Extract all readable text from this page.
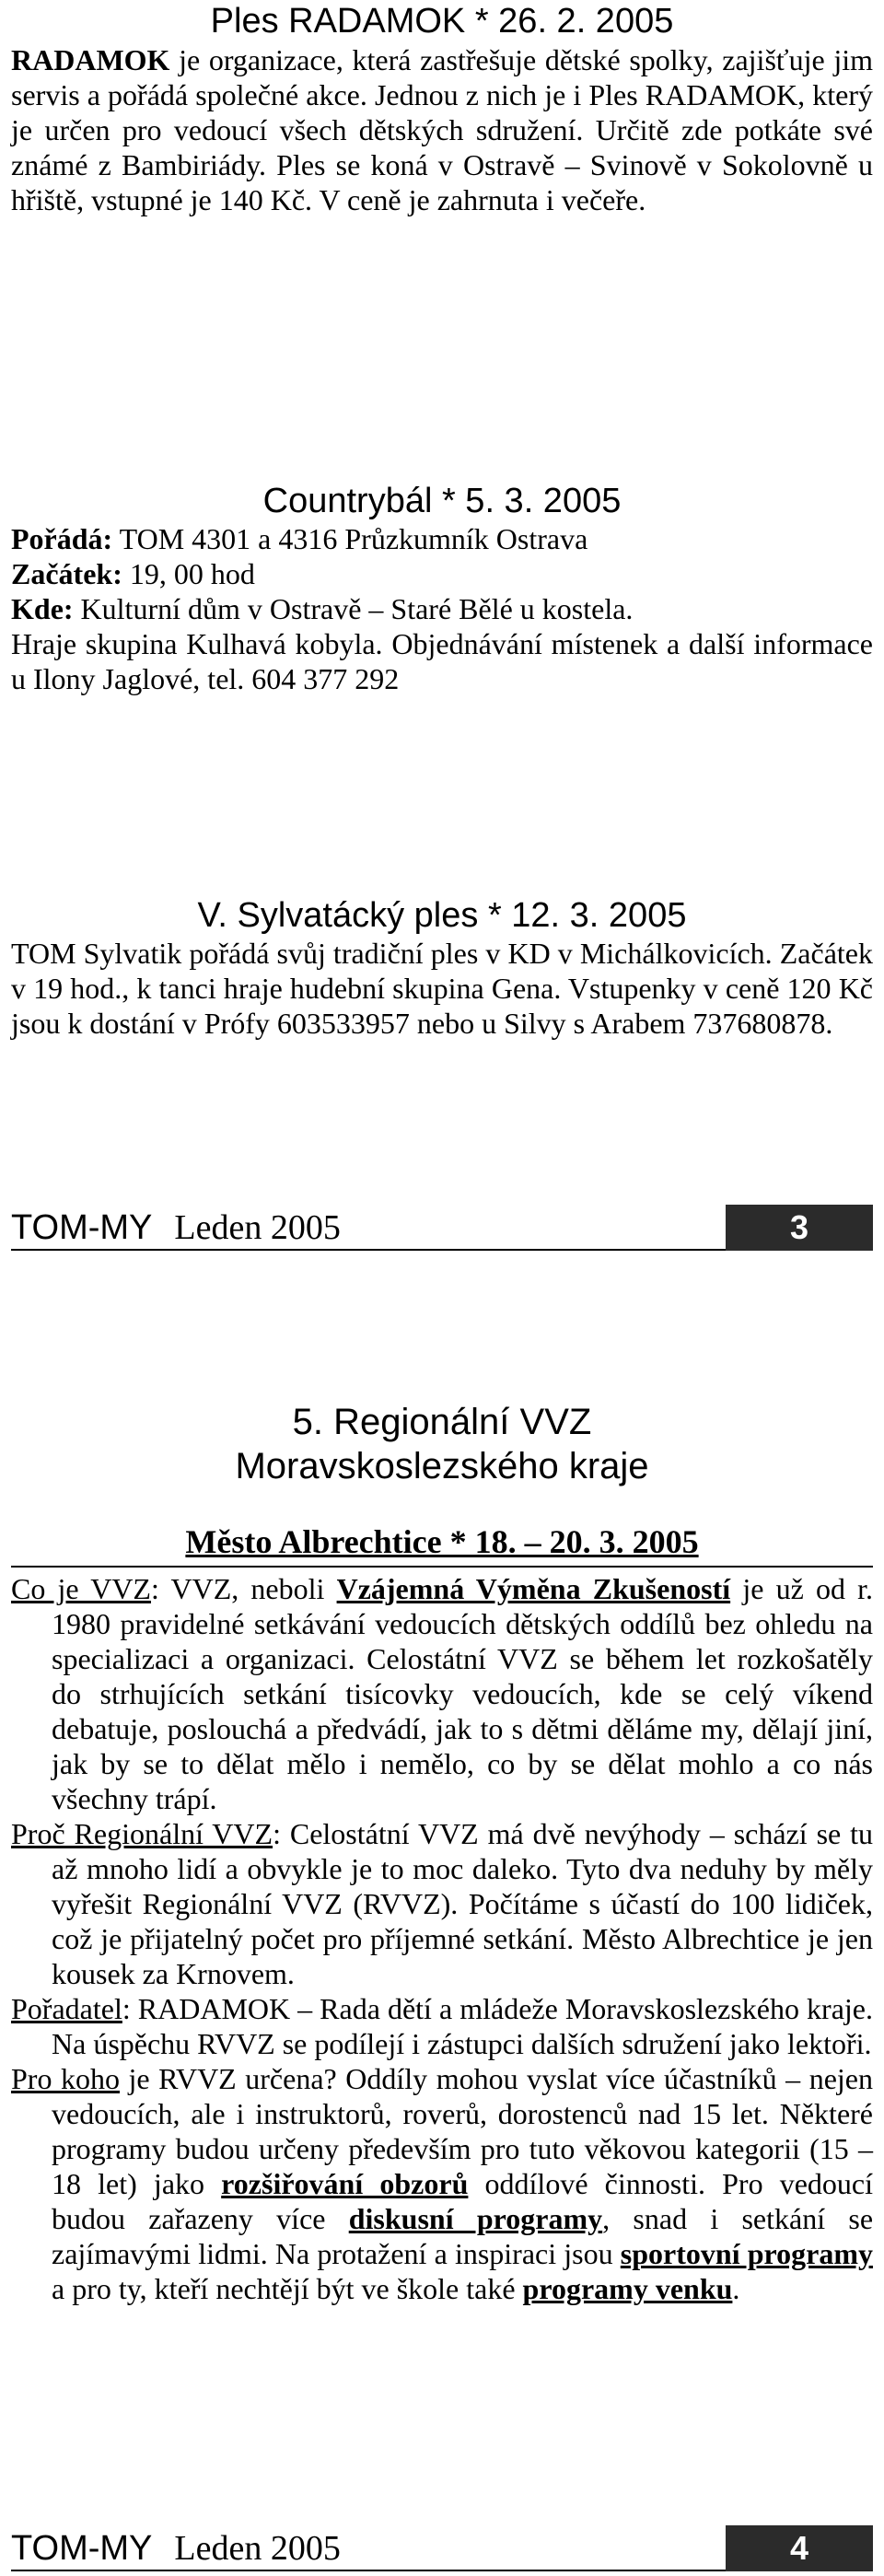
Ples RADAMOK * 26. 2. 2005

RADAMOK je organizace, která zastřešuje dětské spolky, zajišťuje jim servis a pořádá společné akce. Jednou z nich je i Ples RADAMOK, který je určen pro vedoucí všech dětských sdružení. Určitě zde potkáte své známé z Bambiriády. Ples se koná v Ostravě – Svinově v Sokolovně u hřiště, vstupné je 140 Kč. V ceně je zahrnuta i večeře.

Countrybál * 5. 3. 2005

Pořádá: TOM 4301 a 4316 Průzkumník Ostrava

Začátek: 19, 00 hod

Kde: Kulturní dům v Ostravě – Staré Bělé u kostela.

Hraje skupina Kulhavá kobyla. Objednávání místenek a další informace u Ilony Jaglové, tel. 604 377 292

V. Sylvatácký ples * 12. 3. 2005

TOM Sylvatik pořádá svůj tradiční ples v KD v Michálkovicích. Začátek v 19 hod., k tanci hraje hudební skupina Gena. Vstupenky v ceně 120 Kč jsou k dostání v Prófy 603533957 nebo u Silvy s Arabem 737680878.

TOM-MY Leden 2005	3
5. Regionální VVZ
Moravskoslezského kraje

Město Albrechtice * 18. – 20. 3. 2005

Co je VVZ: VVZ, neboli Vzájemná Výměna Zkušeností je už od r. 1980 pravidelné setkávání vedoucích dětských oddílů bez ohledu na specializaci a organizaci. Celostátní VVZ se během let rozkošatěly do strhujících setkání tisícovky vedoucích, kde se celý víkend debatuje, poslouchá a předvádí, jak to s dětmi děláme my, dělají jiní, jak by se to dělat mělo i nemělo, co by se dělat mohlo a co nás všechny trápí.

Proč Regionální VVZ: Celostátní VVZ má dvě nevýhody – schází se tu až mnoho lidí a obvykle je to moc daleko. Tyto dva neduhy by měly vyřešit Regionální VVZ (RVVZ). Počítáme s účastí do 100 lidiček, což je přijatelný počet pro příjemné setkání. Město Albrechtice je jen kousek za Krnovem.

Pořadatel: RADAMOK – Rada dětí a mládeže Moravskoslezského kraje. Na úspěchu RVVZ se podílejí i zástupci dalších sdružení jako lektoři.

Pro koho je RVVZ určena? Oddíly mohou vyslat více účastníků – nejen vedoucích, ale i instruktorů, roverů, dorostenců nad 15 let. Některé programy budou určeny především pro tuto věkovou kategorii (15 – 18 let) jako rozšiřování obzorů oddílové činnosti. Pro vedoucí budou zařazeny více diskusní programy, snad i setkání se zajímavými lidmi. Na protažení a inspiraci jsou sportovní programy a pro ty, kteří nechtějí být ve škole také programy venku.

TOM-MY Leden 2005	4
